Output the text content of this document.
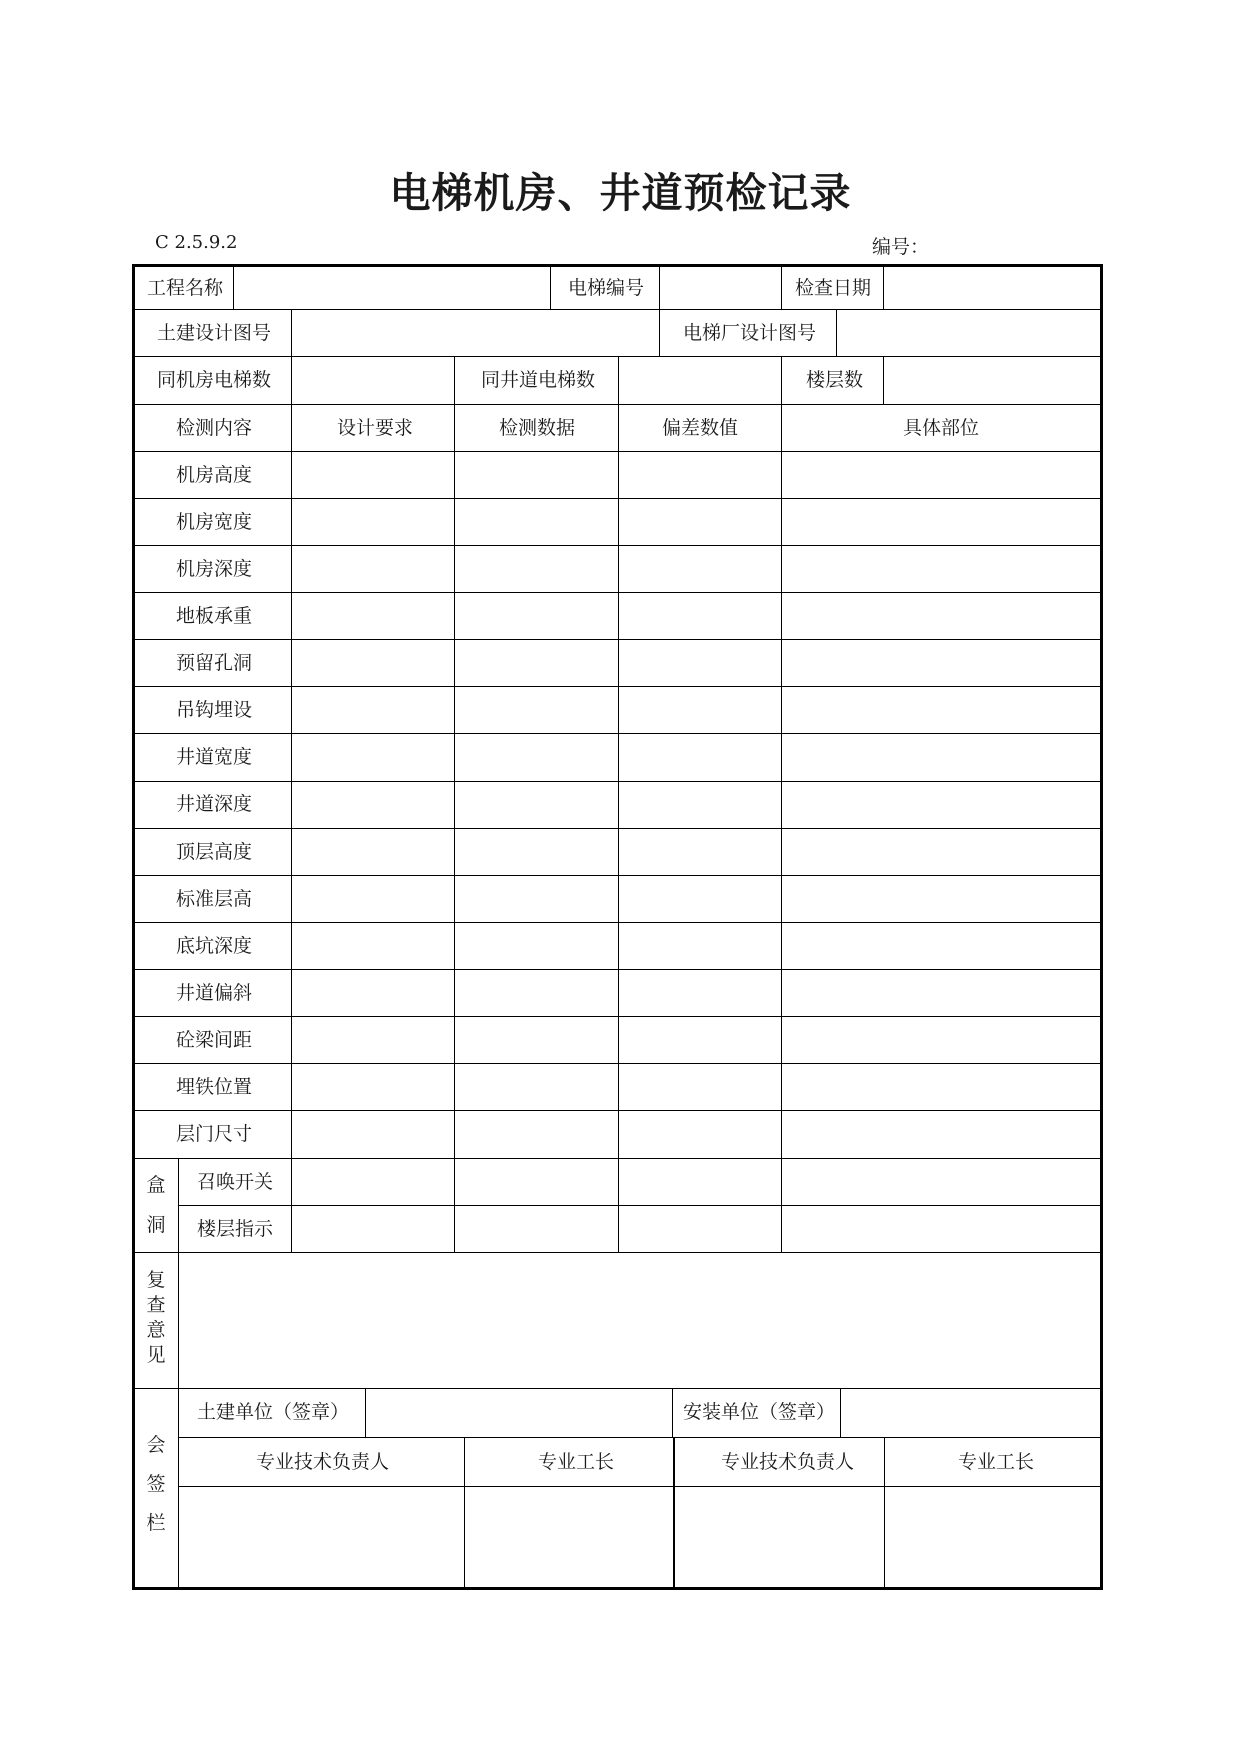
电梯机房、井道预检记录
C 2.5.9.2	编号：
工程名称	电梯编号	检查日期
土建设计图号	电梯厂设计图号
同机房电梯数	同井道电梯数	楼层数
检测内容	设计要求	检测数据	偏差数值	具体部位
机房高度
机房宽度
机房深度
地板承重
预留孔洞
吊钩埋设
井道宽度
井道深度
顶层高度
标准层高
底坑深度
井道偏斜
砼梁间距
埋铁位置
层门尺寸
盒
洞
召唤开关
楼层指示
复
查
意
见
会
签
栏
土建单位（签章）	安装单位（签章）
专业技术负责人	专业工长	专业技术负责人	专业工长
